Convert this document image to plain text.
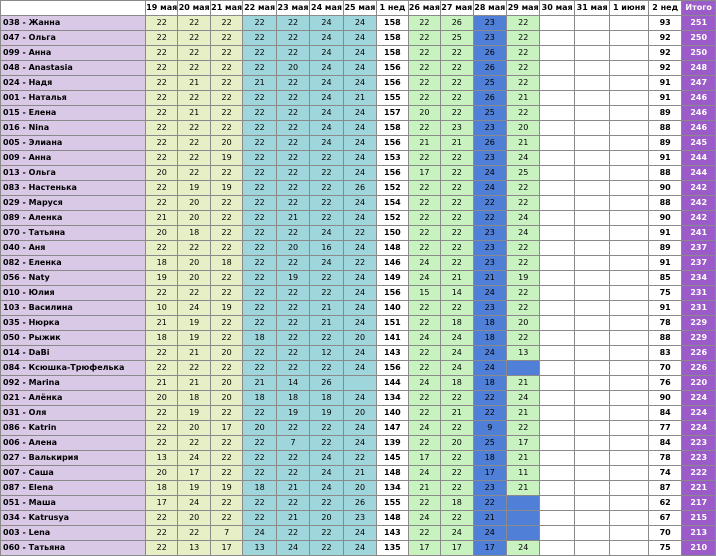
	19 мая	20 мая	21 мая	22 мая	23 мая	24 мая	25 мая	1 нед	26 мая	27 мая	28 мая	29 мая	30 мая	31 мая	1 июня	2 нед	Итого
038 - Жанна	22	22	22	22	22	24	24	158	22	26	23	22				93	251
047 - Ольга	22	22	22	22	22	24	24	158	22	25	23	22				92	250
099 - Анна	22	22	22	22	22	24	24	158	22	22	26	22				92	250
048 - Anastasia	22	22	22	22	20	24	24	156	22	22	26	22				92	248
024 - Надя	22	21	22	21	22	24	24	156	22	22	25	22				91	247
001 - Наталья	22	22	22	22	22	24	21	155	22	22	26	21				91	246
015 - Елена	22	21	22	22	22	24	24	157	20	22	25	22				89	246
016 - Nina	22	22	22	22	22	24	24	158	22	23	23	20				88	246
005 - Элиана	22	22	20	22	22	24	24	156	21	21	26	21				89	245
009 - Анна	22	22	19	22	22	22	24	153	22	22	23	24				91	244
013 - Ольга	20	22	22	22	22	22	24	156	17	22	24	25				88	244
083 - Настенька	22	19	19	22	22	22	26	152	22	22	24	22				90	242
029 - Маруся	22	20	22	22	22	22	24	154	22	22	22	22				88	242
089 - Аленка	21	20	22	22	21	22	24	152	22	22	22	24				90	242
070 - Татьяна	20	18	22	22	22	24	22	150	22	22	23	24				91	241
040 - Аня	22	22	22	22	20	16	24	148	22	22	23	22				89	237
082 - Еленка	18	20	18	22	22	24	22	146	24	22	23	22				91	237
056 - Naty	19	20	22	22	19	22	24	149	24	21	21	19				85	234
010 - Юлия	22	22	22	22	22	22	24	156	15	14	24	22				75	231
103 - Василина	10	24	19	22	22	21	24	140	22	22	23	22				91	231
035 - Нюрка	21	19	22	22	22	21	24	151	22	18	18	20				78	229
050 - Рыжик	18	19	22	18	22	22	20	141	24	24	18	22				88	229
014 - DaBi	22	21	20	22	22	12	24	143	22	24	24	13				83	226
084 - Ксюшка-Трюфелька	22	22	22	22	22	22	24	156	22	24	24					70	226
092 - Marina	21	21	20	21	14	26		144	24	18	18	21				76	220
021 - Алёнка	20	18	20	18	18	18	24	134	22	22	22	24				90	224
031 - Оля	22	19	22	22	19	19	20	140	22	21	22	21				84	224
086 - Katrin	22	20	17	20	22	22	24	147	24	22	9	22				77	224
006 - Алена	22	22	22	22	7	22	24	139	22	20	25	17				84	223
027 - Валькирия	13	24	22	22	22	24	22	145	17	22	18	21				78	223
007 - Саша	20	17	22	22	22	24	21	148	24	22	17	11				74	222
087 - Elena	18	19	19	18	21	24	20	134	21	22	23	21				87	221
051 - Маша	17	24	22	22	22	22	26	155	22	18	22					62	217
034 - Katrusya	22	20	22	22	21	20	23	148	24	22	21					67	215
003 - Lena	22	22	7	24	22	22	24	143	22	24	24					70	213
060 - Татьяна	22	13	17	13	24	22	24	135	17	17	17	24				75	210
